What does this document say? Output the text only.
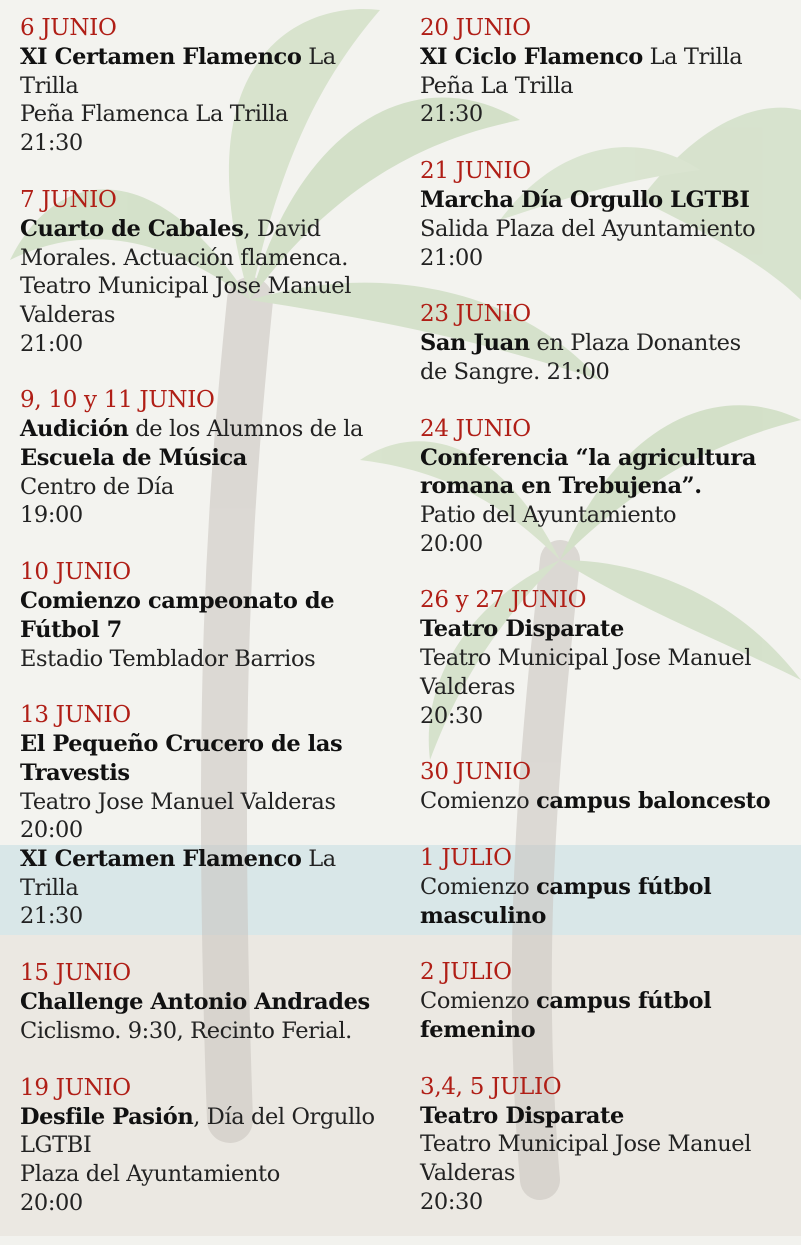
6 JUNIO

XI Certamen Flamenco La

Trilla

Peña Flamenca La Trilla

21:30

7 JUNIO

Cuarto de Cabales, David

Morales. Actuación flamenca.

Teatro Municipal Jose Manuel

Valderas

21:00

9, 10 y 11 JUNIO

Audición de los Alumnos de la

Escuela de Música

Centro de Día

19:00

10 JUNIO

Comienzo campeonato de

Fútbol 7

Estadio Temblador Barrios

13 JUNIO

El Pequeño Crucero de las

Travestis

Teatro Jose Manuel Valderas

20:00

XI Certamen Flamenco La

Trilla

21:30

15 JUNIO

Challenge Antonio Andrades

Ciclismo. 9:30, Recinto Ferial.

19 JUNIO

Desfile Pasión, Día del Orgullo

LGTBI

Plaza del Ayuntamiento

20:00

20 JUNIO

XI Ciclo Flamenco La Trilla

Peña La Trilla

21:30

21 JUNIO

Marcha Día Orgullo LGTBI

Salida Plaza del Ayuntamiento

21:00

23 JUNIO

San Juan en Plaza Donantes

de Sangre. 21:00

24 JUNIO

Conferencia “la agricultura

romana en Trebujena”.

Patio del Ayuntamiento

20:00

26 y 27 JUNIO

Teatro Disparate

Teatro Municipal Jose Manuel

Valderas

20:30

30 JUNIO

Comienzo campus baloncesto

1 JULIO

Comienzo campus fútbol

masculino

2 JULIO

Comienzo campus fútbol

femenino

3,4, 5 JULIO

Teatro Disparate

Teatro Municipal Jose Manuel

Valderas

20:30
